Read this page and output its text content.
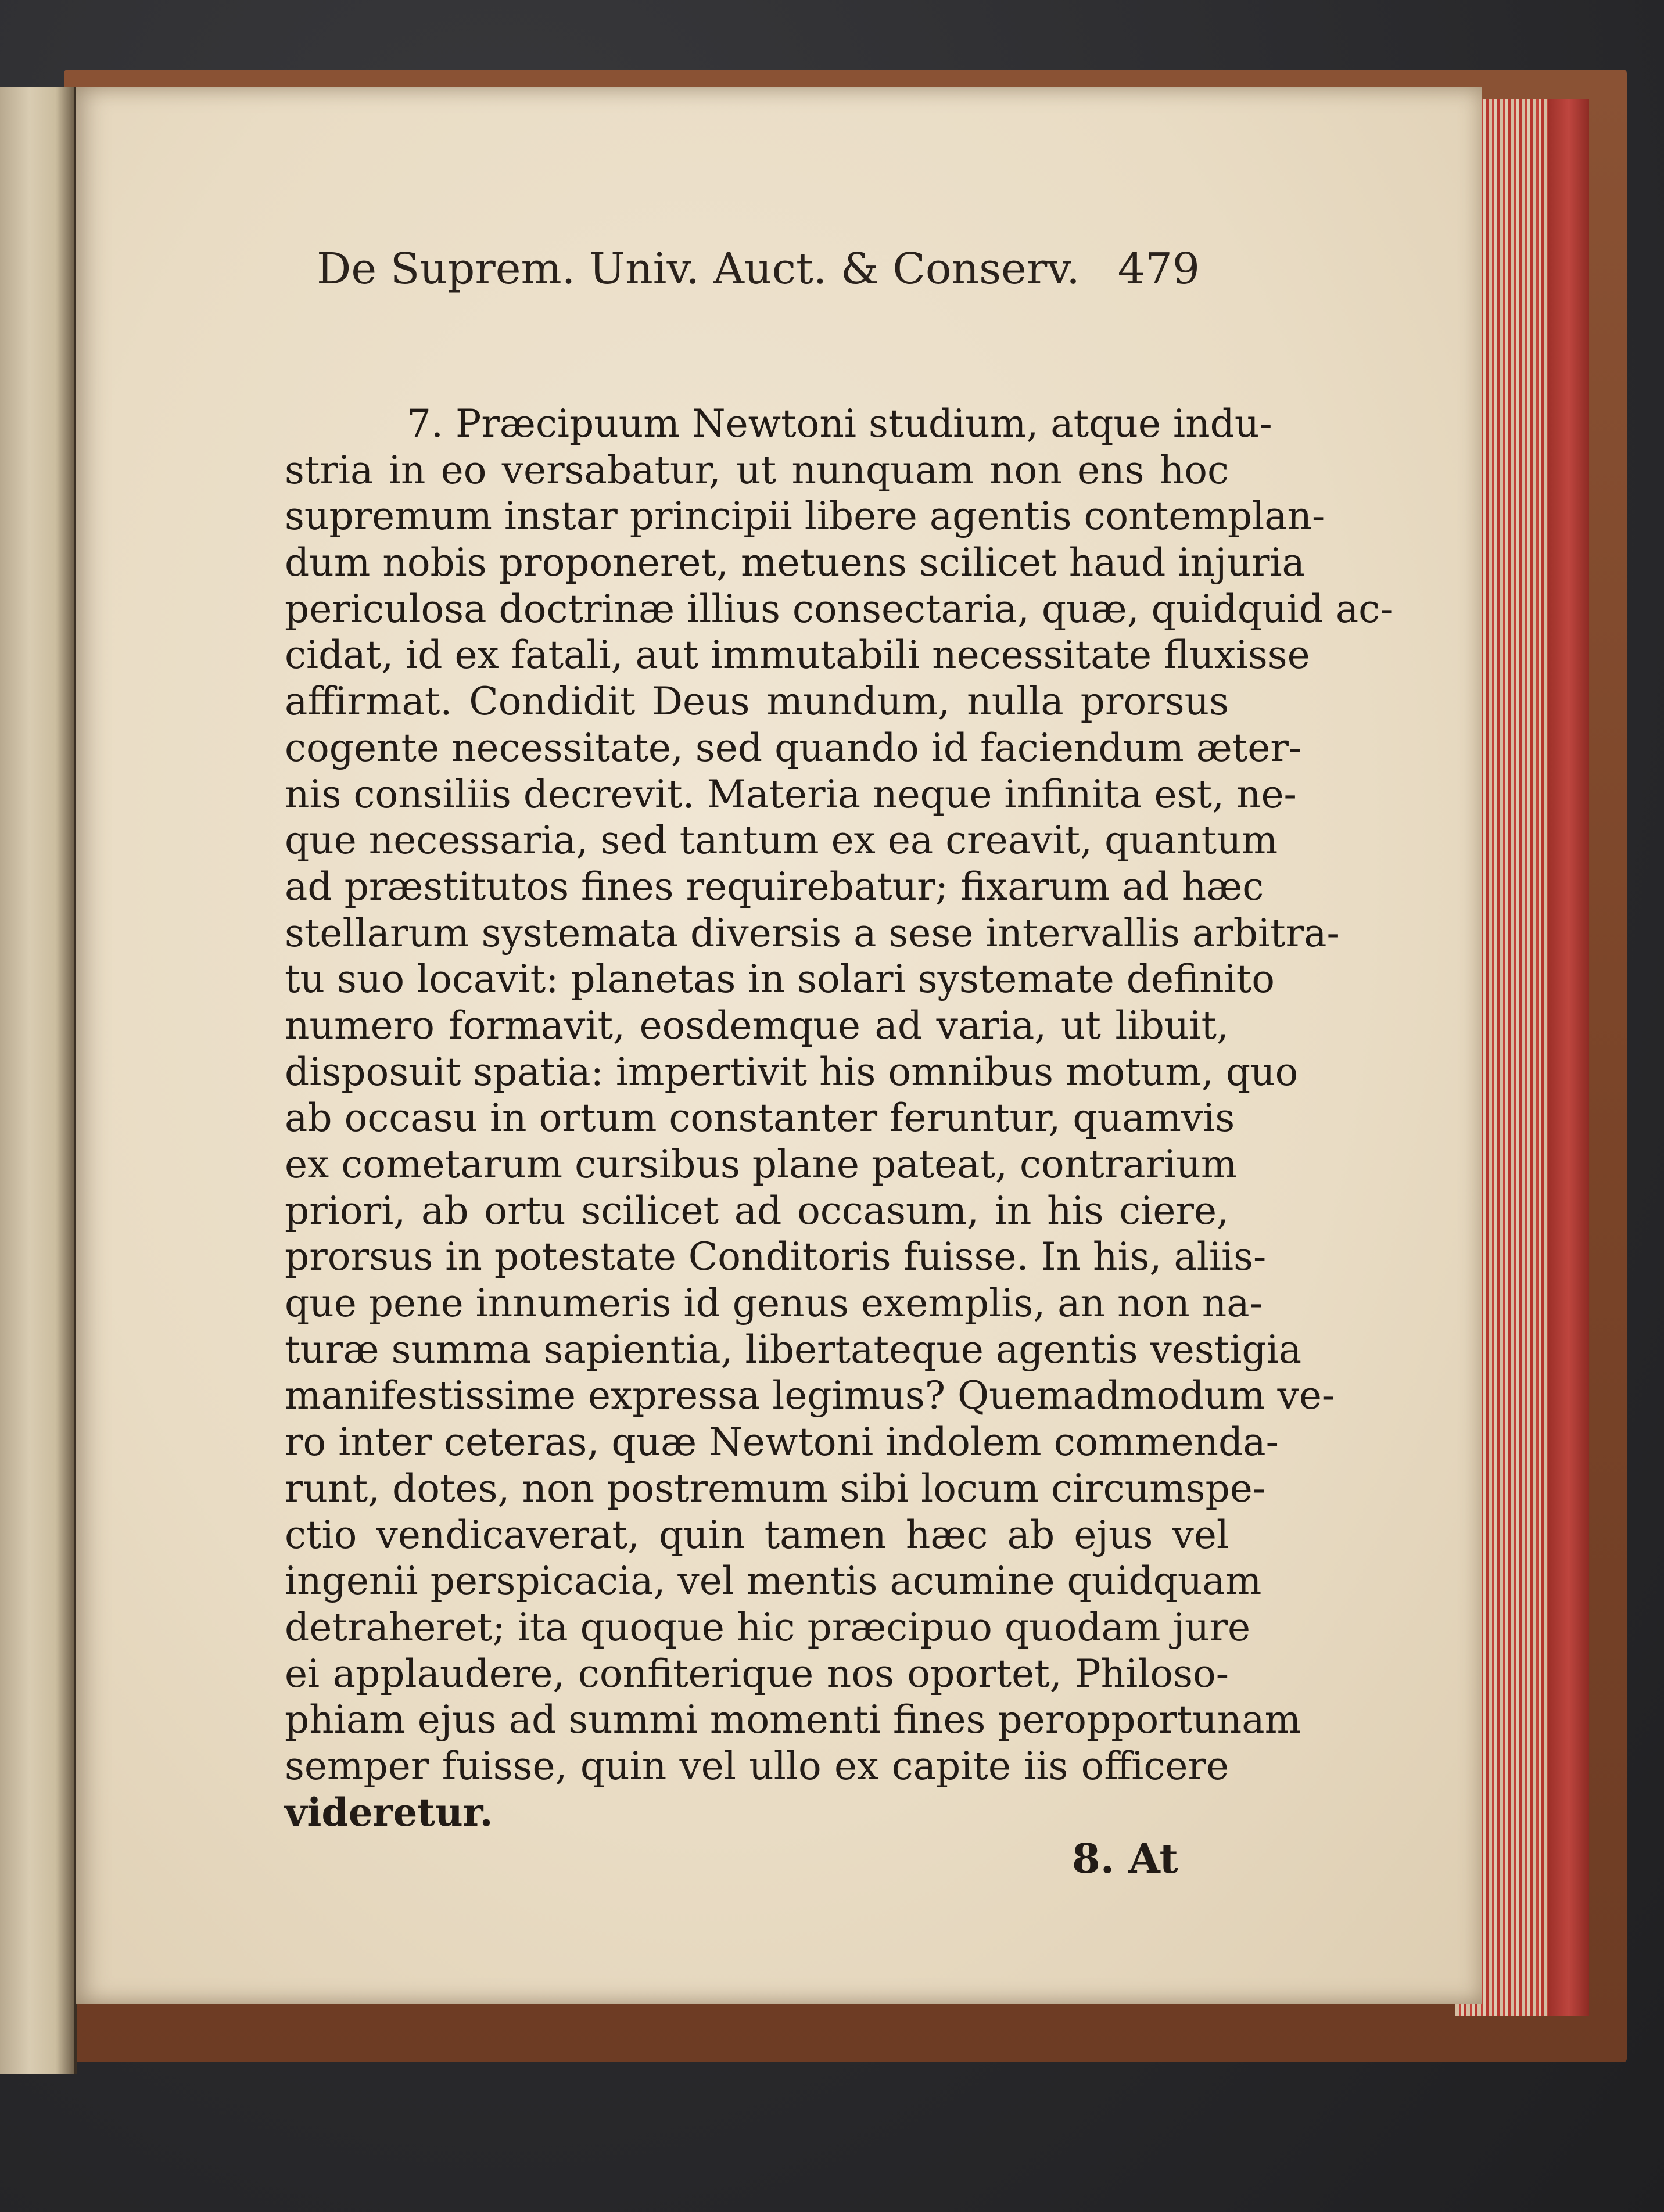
De Suprem. Univ. Auct. & Conserv. 479
7. Præcipuum Newtoni studium, atque indu-
stria in eo versabatur, ut nunquam non ens hoc
supremum instar principii libere agentis contemplan-
dum nobis proponeret, metuens scilicet haud injuria
periculosa doctrinæ illius consectaria, quæ, quidquid ac-
cidat, id ex fatali, aut immutabili necessitate fluxisse
affirmat. Condidit Deus mundum, nulla prorsus
cogente necessitate, sed quando id faciendum æter-
nis consiliis decrevit. Materia neque infinita est, ne-
que necessaria, sed tantum ex ea creavit, quantum
ad præstitutos fines requirebatur; fixarum ad hæc
stellarum systemata diversis a sese intervallis arbitra-
tu suo locavit: planetas in solari systemate definito
numero formavit, eosdemque ad varia, ut libuit,
disposuit spatia: impertivit his omnibus motum, quo
ab occasu in ortum constanter feruntur, quamvis
ex cometarum cursibus plane pateat, contrarium
priori, ab ortu scilicet ad occasum, in his ciere,
prorsus in potestate Conditoris fuisse. In his, aliis-
que pene innumeris id genus exemplis, an non na-
turæ summa sapientia, libertateque agentis vestigia
manifestissime expressa legimus? Quemadmodum ve-
ro inter ceteras, quæ Newtoni indolem commenda-
runt, dotes, non postremum sibi locum circumspe-
ctio vendicaverat, quin tamen hæc ab ejus vel
ingenii perspicacia, vel mentis acumine quidquam
detraheret; ita quoque hic præcipuo quodam jure
ei applaudere, confiterique nos oportet, Philoso-
phiam ejus ad summi momenti fines peropportunam
semper fuisse, quin vel ullo ex capite iis officere
videretur.
8. At
